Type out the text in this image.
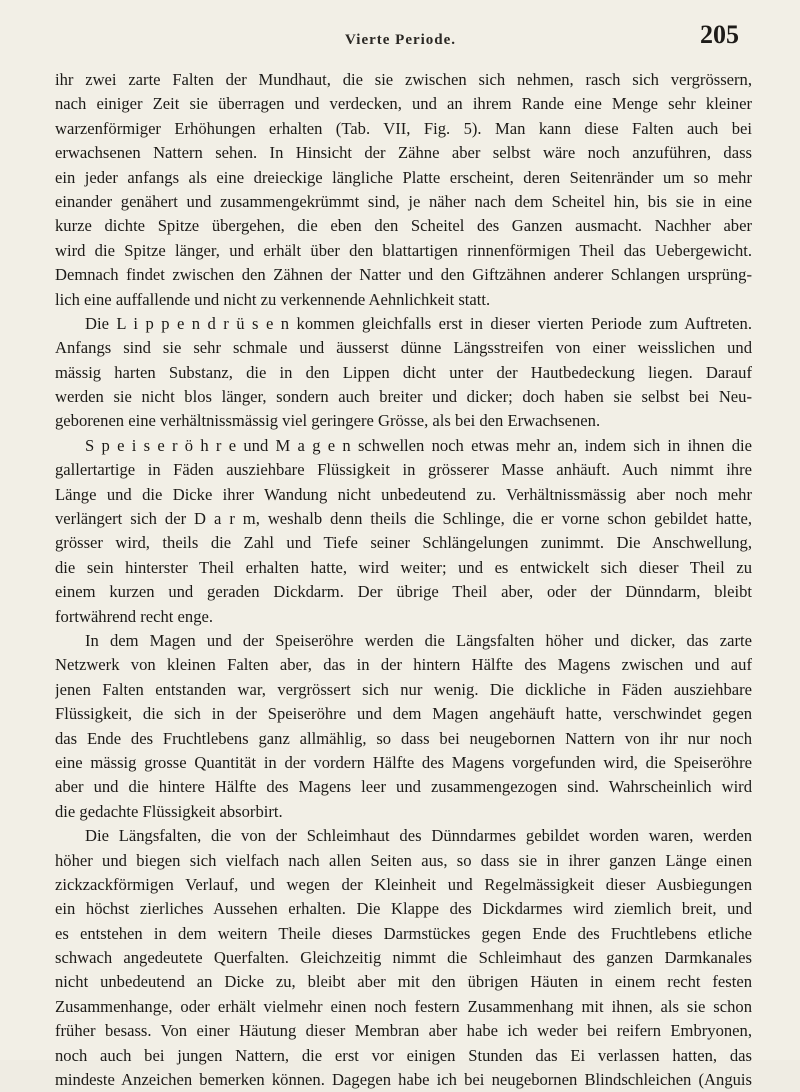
Vierte Periode.	205
ihr zwei zarte Falten der Mundhaut, die sie zwischen sich nehmen, rasch sich vergrössern,
nach einiger Zeit sie überragen und verdecken, und an ihrem Rande eine Menge sehr kleiner
warzenförmiger Erhöhungen erhalten (Tab. VII, Fig. 5). Man kann diese Falten auch bei
erwachsenen Nattern sehen. In Hinsicht der Zähne aber selbst wäre noch anzuführen, dass
ein jeder anfangs als eine dreieckige längliche Platte erscheint, deren Seitenränder um so mehr
einander genähert und zusammengekrümmt sind, je näher nach dem Scheitel hin, bis sie in eine
kurze dichte Spitze übergehen, die eben den Scheitel des Ganzen ausmacht. Nachher aber
wird die Spitze länger, und erhält über den blattartigen rinnenförmigen Theil das Uebergewicht.
Demnach findet zwischen den Zähnen der Natter und den Giftzähnen anderer Schlangen ursprüng-
lich eine auffallende und nicht zu verkennende Aehnlichkeit statt.
Die L i p p e n d r ü s e n kommen gleichfalls erst in dieser vierten Periode zum Auftreten.
Anfangs sind sie sehr schmale und äusserst dünne Längsstreifen von einer weisslichen und
mässig harten Substanz, die in den Lippen dicht unter der Hautbedeckung liegen. Darauf
werden sie nicht blos länger, sondern auch breiter und dicker; doch haben sie selbst bei Neu-
geborenen eine verhältnissmässig viel geringere Grösse, als bei den Erwachsenen.
S p e i s e r ö h r e und M a g e n schwellen noch etwas mehr an, indem sich in ihnen die
gallertartige in Fäden ausziehbare Flüssigkeit in grösserer Masse anhäuft. Auch nimmt ihre
Länge und die Dicke ihrer Wandung nicht unbedeutend zu. Verhältnissmässig aber noch mehr
verlängert sich der D a r m, weshalb denn theils die Schlinge, die er vorne schon gebildet hatte,
grösser wird, theils die Zahl und Tiefe seiner Schlängelungen zunimmt. Die Anschwellung,
die sein hinterster Theil erhalten hatte, wird weiter; und es entwickelt sich dieser Theil zu
einem kurzen und geraden Dickdarm. Der übrige Theil aber, oder der Dünndarm, bleibt
fortwährend recht enge.
In dem Magen und der Speiseröhre werden die Längsfalten höher und dicker, das zarte
Netzwerk von kleinen Falten aber, das in der hintern Hälfte des Magens zwischen und auf
jenen Falten entstanden war, vergrössert sich nur wenig. Die dickliche in Fäden ausziehbare
Flüssigkeit, die sich in der Speiseröhre und dem Magen angehäuft hatte, verschwindet gegen
das Ende des Fruchtlebens ganz allmählig, so dass bei neugebornen Nattern von ihr nur noch
eine mässig grosse Quantität in der vordern Hälfte des Magens vorgefunden wird, die Speiseröhre
aber und die hintere Hälfte des Magens leer und zusammengezogen sind. Wahrscheinlich wird
die gedachte Flüssigkeit absorbirt.
Die Längsfalten, die von der Schleimhaut des Dünndarmes gebildet worden waren, werden
höher und biegen sich vielfach nach allen Seiten aus, so dass sie in ihrer ganzen Länge einen
zickzackförmigen Verlauf, und wegen der Kleinheit und Regelmässigkeit dieser Ausbiegungen
ein höchst zierliches Aussehen erhalten. Die Klappe des Dickdarmes wird ziemlich breit, und
es entstehen in dem weitern Theile dieses Darmstückes gegen Ende des Fruchtlebens etliche
schwach angedeutete Querfalten. Gleichzeitig nimmt die Schleimhaut des ganzen Darmkanales
nicht unbedeutend an Dicke zu, bleibt aber mit den übrigen Häuten in einem recht festen
Zusammenhange, oder erhält vielmehr einen noch festern Zusammenhang mit ihnen, als sie schon
früher besass. Von einer Häutung dieser Membran aber habe ich weder bei reifern Embryonen,
noch auch bei jungen Nattern, die erst vor einigen Stunden das Ei verlassen hatten, das
mindeste Anzeichen bemerken können. Dagegen habe ich bei neugebornen Blindschleichen (Anguis
